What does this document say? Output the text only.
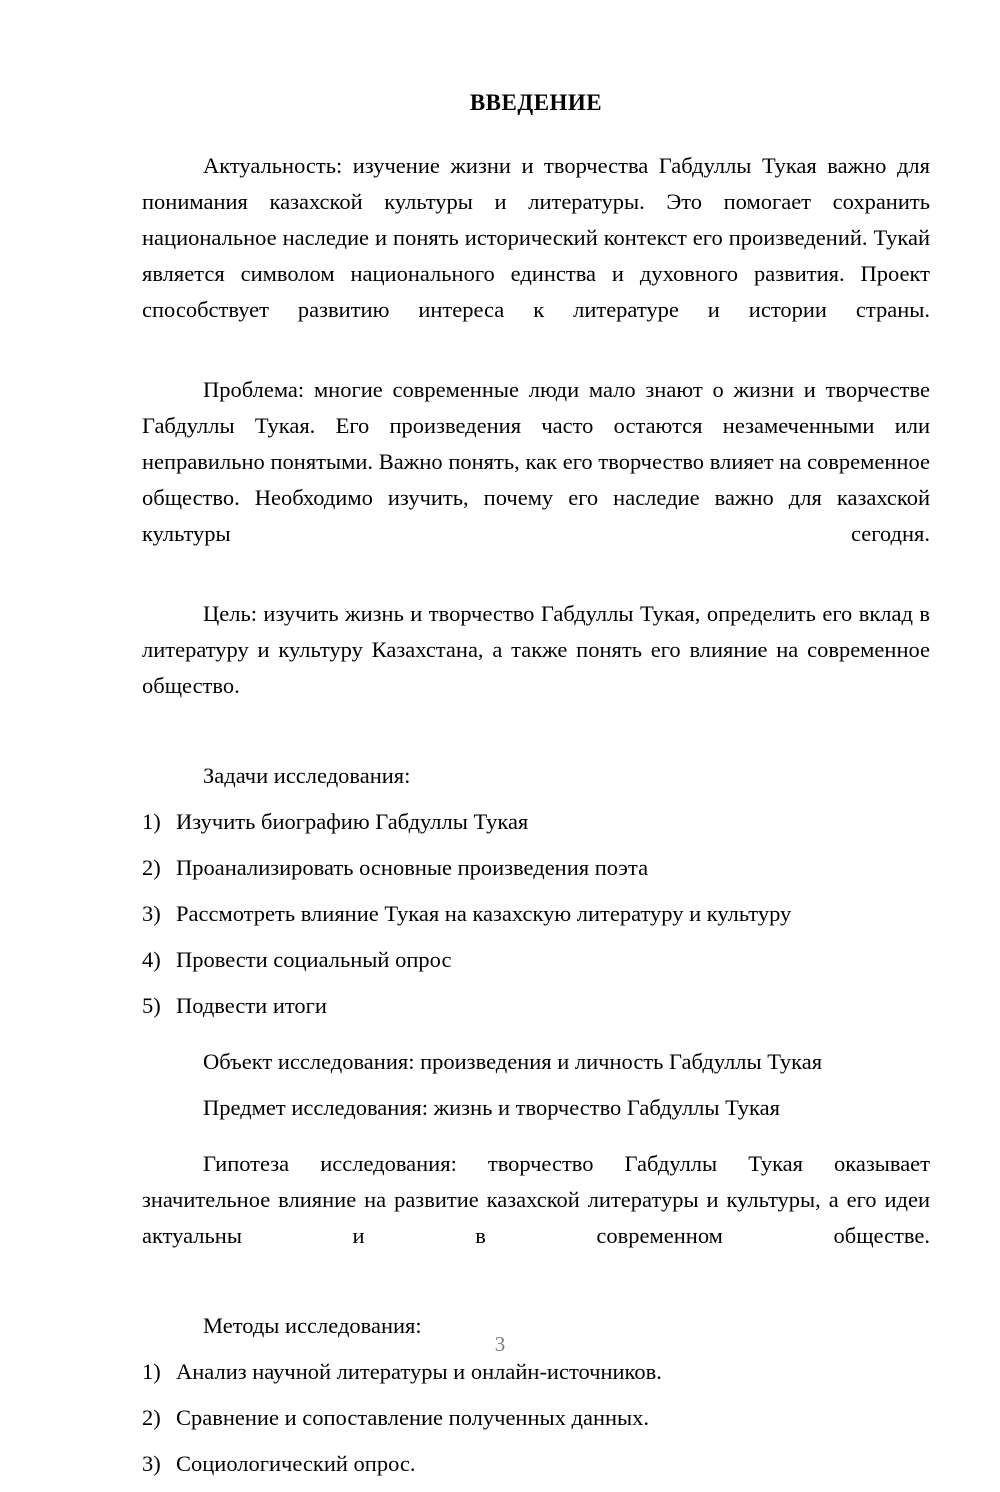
ВВЕДЕНИЕ

Актуальность: изучение жизни и творчества Габдуллы Тукая важно для понимания казахской культуры и литературы. Это помогает сохранить национальное наследие и понять исторический контекст его произведений. Тукай является символом национального единства и духовного развития. Проект способствует развитию интереса к литературе и истории страны.

Проблема: многие современные люди мало знают о жизни и творчестве Габдуллы Тукая. Его произведения часто остаются незамеченными или неправильно понятыми. Важно понять, как его творчество влияет на современное общество. Необходимо изучить, почему его наследие важно для казахской культуры сегодня.

Цель: изучить жизнь и творчество Габдуллы Тукая, определить его вклад в литературу и культуру Казахстана, а также понять его влияние на современное общество.

Задачи исследования:

1) Изучить биографию Габдуллы Тукая
2) Проанализировать основные произведения поэта
3) Рассмотреть влияние Тукая на казахскую литературу и культуру
4) Провести социальный опрос
5) Подвести итоги

Объект исследования: произведения и личность Габдуллы Тукая

Предмет исследования: жизнь и творчество Габдуллы Тукая

Гипотеза исследования: творчество Габдуллы Тукая оказывает значительное влияние на развитие казахской литературы и культуры, а его идеи актуальны и в современном обществе.

Методы исследования:

1) Анализ научной литературы и онлайн-источников.
2) Сравнение и сопоставление полученных данных.
3) Социологический опрос.
3
